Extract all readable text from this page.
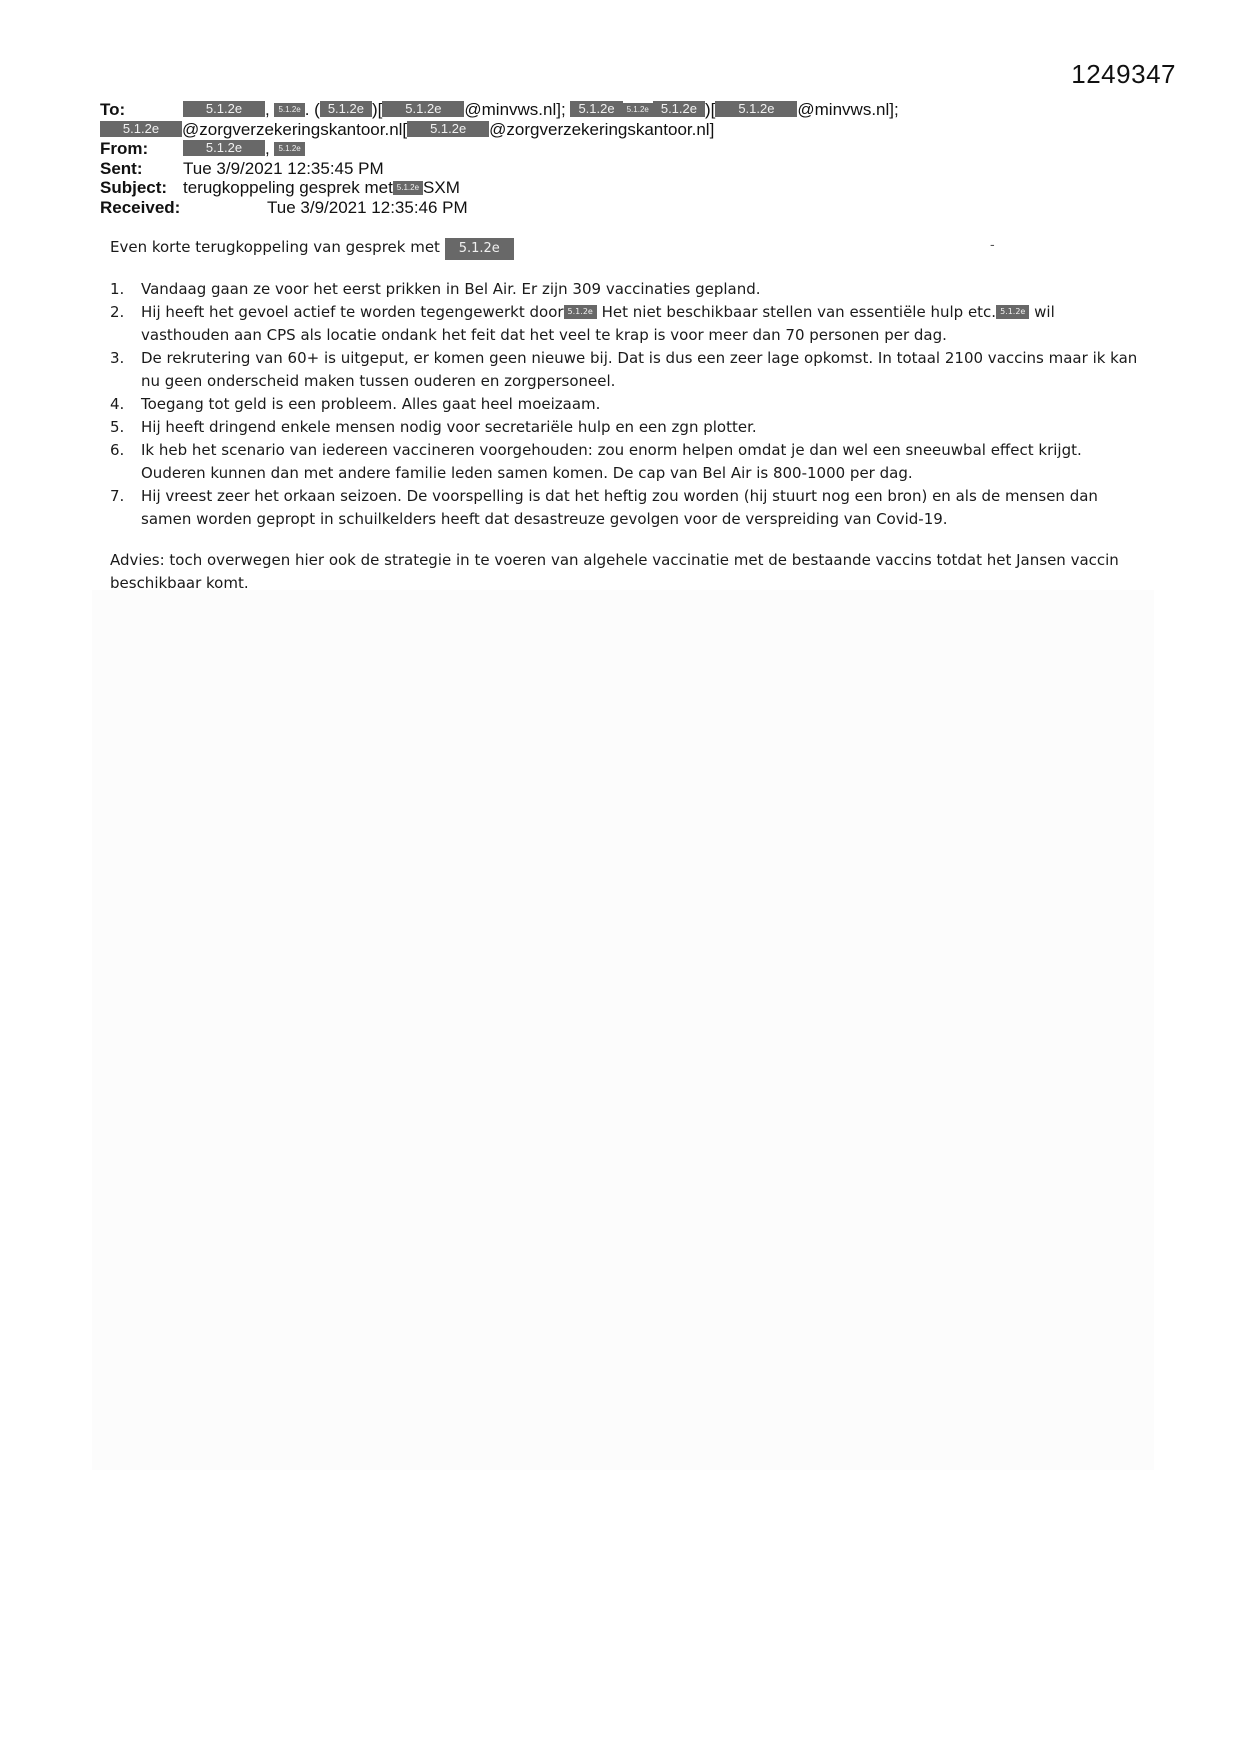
1249347
To:	5.1.2e , 5.1.2e . ( 5.1.2e )[ 5.1.2e @minvws.nl]; 5.1.2e 5.1.2e 5.1.2e )[ 5.1.2e @minvws.nl];
5.1.2e @zorgverzekeringskantoor.nl[ 5.1.2e @zorgverzekeringskantoor.nl]
From:	5.1.2e , 5.1.2e
Sent: Tue 3/9/2021 12:35:45 PM
Subject: terugkoppeling gesprek met 5.1.2e SXM
Received:	Tue 3/9/2021 12:35:46 PM
-

Even korte terugkoppeling van gesprek met 5.1.2e

1. Vandaag gaan ze voor het eerst prikken in Bel Air. Er zijn 309 vaccinaties gepland.
2. Hij heeft het gevoel actief te worden tegengewerkt door 5.1.2e Het niet beschikbaar stellen van essentiële hulp etc. 5.1.2e wil vasthouden aan CPS als locatie ondank het feit dat het veel te krap is voor meer dan 70 personen per dag.
3. De rekrutering van 60+ is uitgeput, er komen geen nieuwe bij. Dat is dus een zeer lage opkomst. In totaal 2100 vaccins maar ik kan nu geen onderscheid maken tussen ouderen en zorgpersoneel.
4. Toegang tot geld is een probleem. Alles gaat heel moeizaam.
5. Hij heeft dringend enkele mensen nodig voor secretariële hulp en een zgn plotter.
6. Ik heb het scenario van iedereen vaccineren voorgehouden: zou enorm helpen omdat je dan wel een sneeuwbal effect krijgt. Ouderen kunnen dan met andere familie leden samen komen. De cap van Bel Air is 800-1000 per dag.
7. Hij vreest zeer het orkaan seizoen. De voorspelling is dat het heftig zou worden (hij stuurt nog een bron) en als de mensen dan samen worden gepropt in schuilkelders heeft dat desastreuze gevolgen voor de verspreiding van Covid-19.

Advies: toch overwegen hier ook de strategie in te voeren van algehele vaccinatie met de bestaande vaccins totdat het Jansen vaccin beschikbaar komt.
